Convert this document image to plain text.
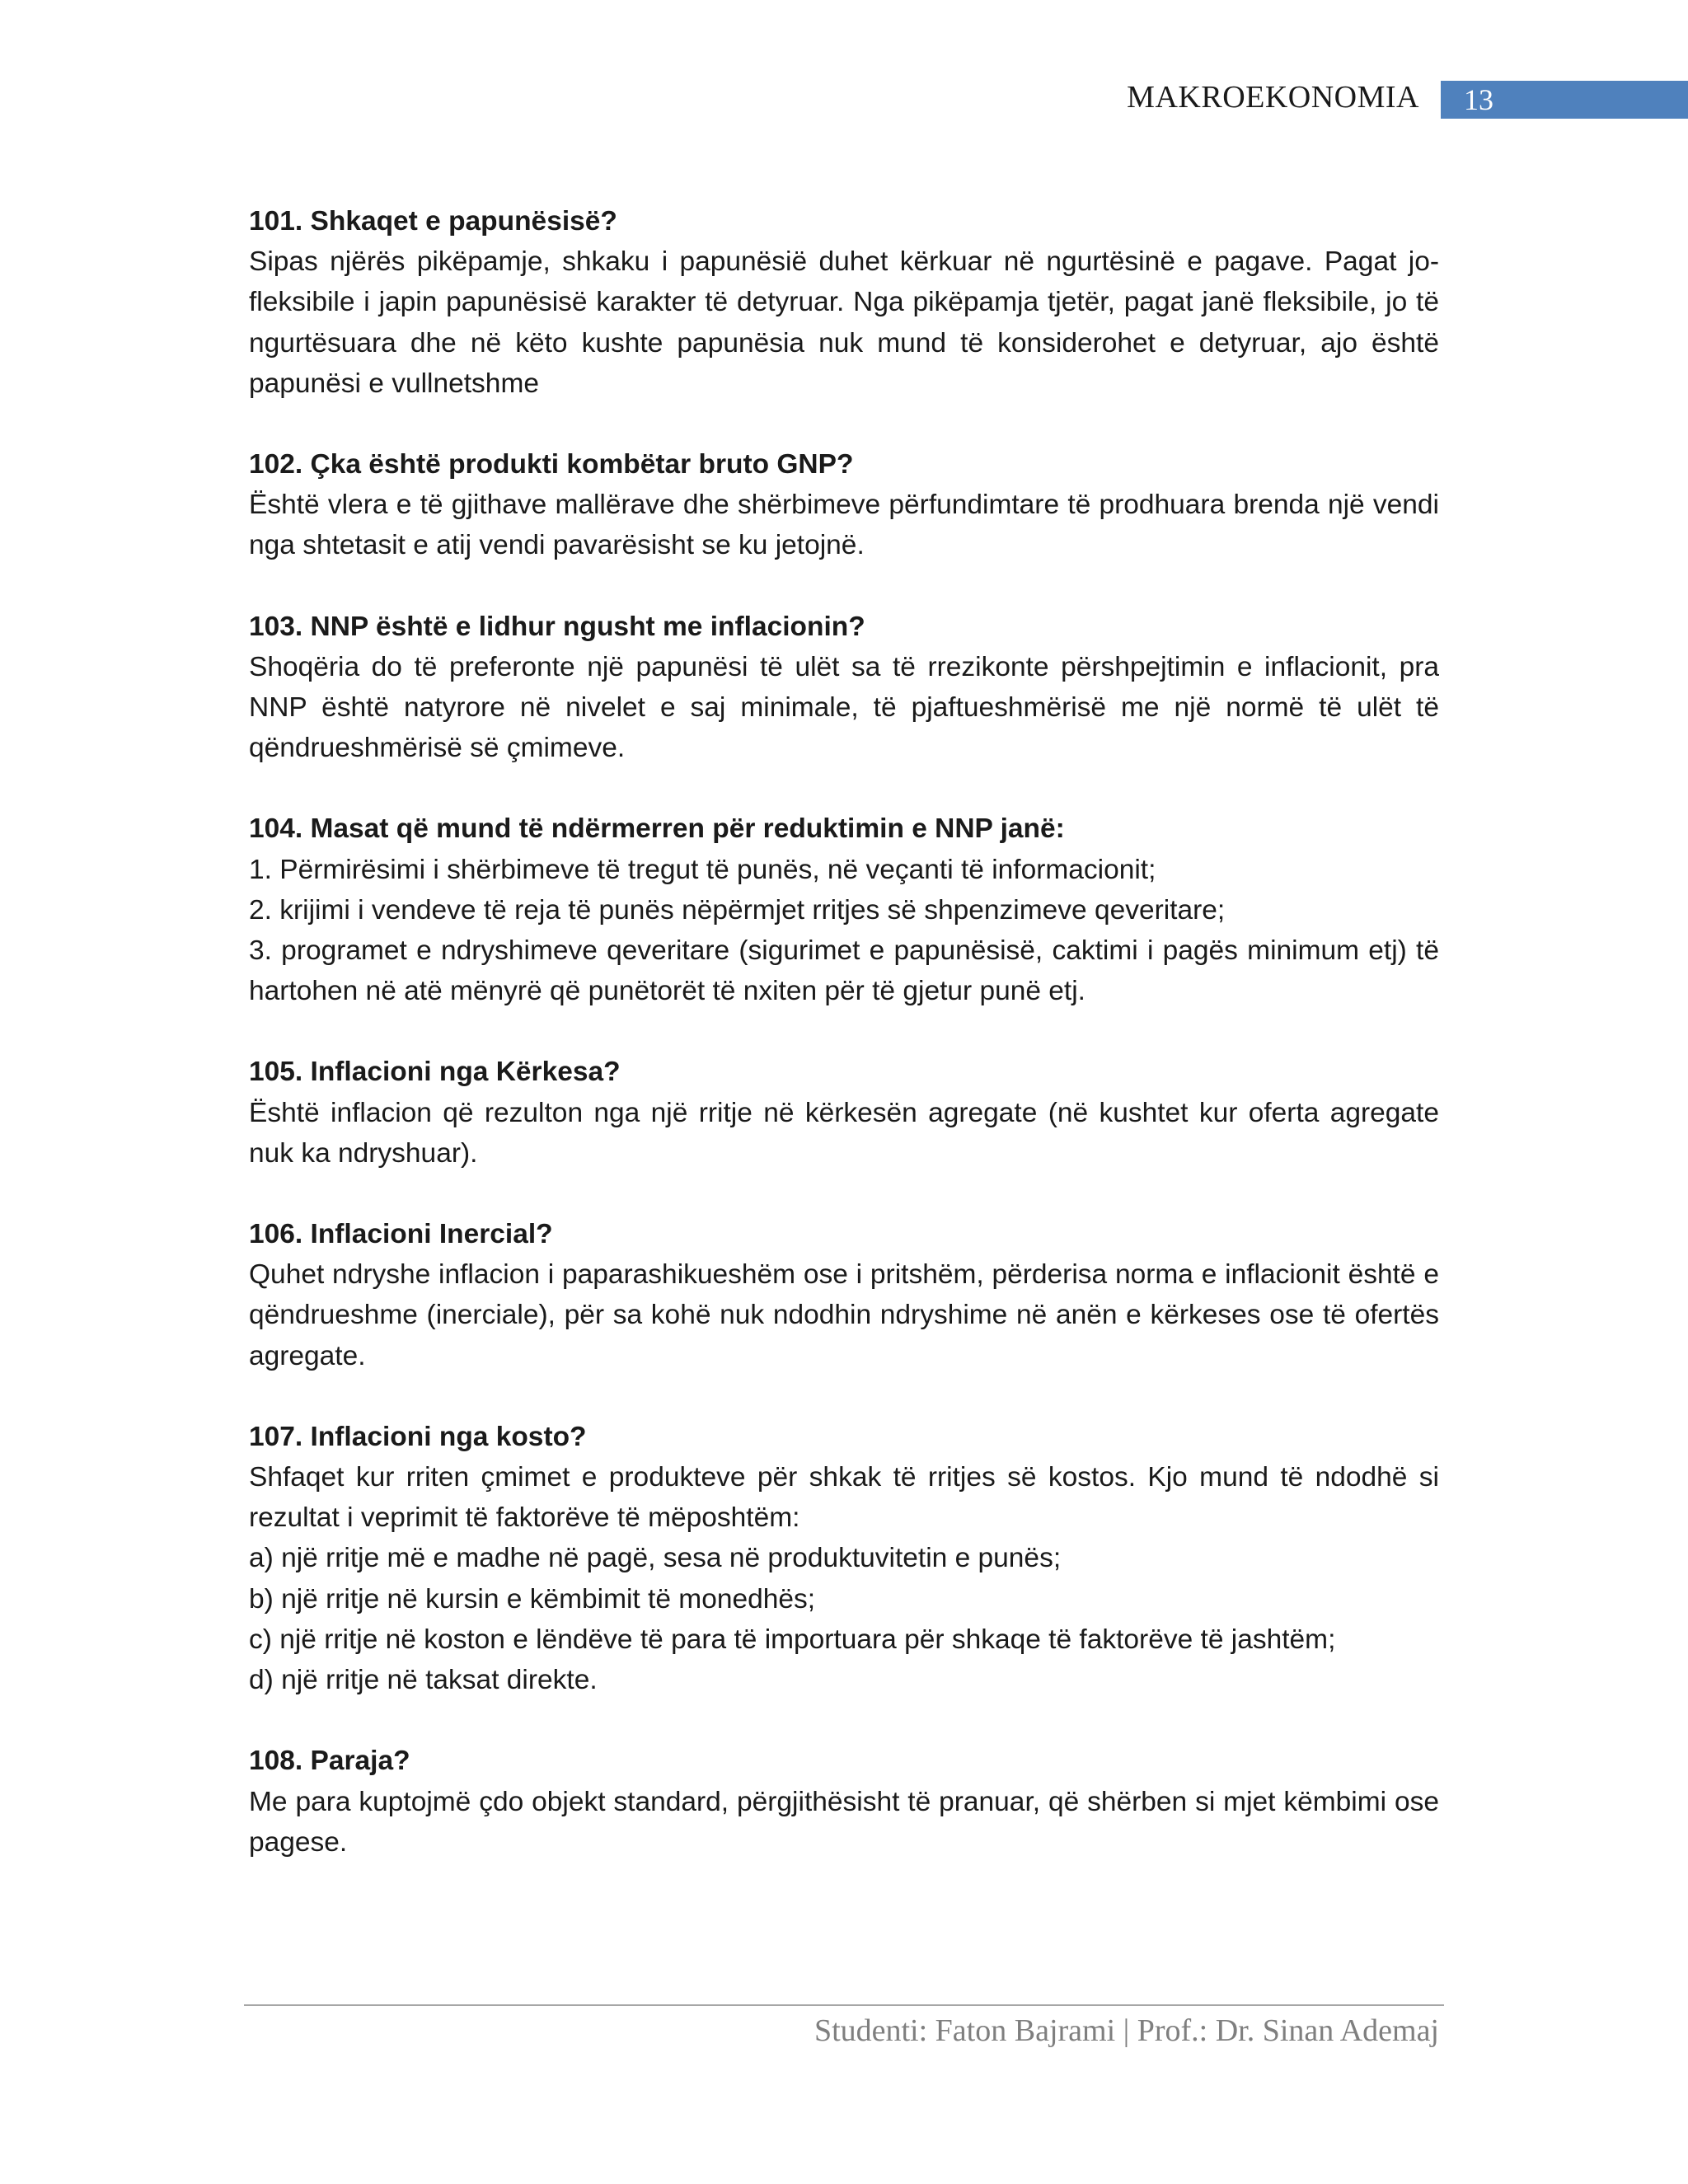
MAKROEKONOMIA 13
101. Shkaqet e papunësisë?
Sipas njërës pikëpamje, shkaku i papunësië duhet kërkuar në ngurtësinë e pagave. Pagat jo-fleksibile i japin papunësisë karakter të detyruar. Nga pikëpamja tjetër, pagat janë fleksibile, jo të ngurtësuara dhe në këto kushte papunësia nuk mund të konsiderohet e detyruar, ajo është papunësi e vullnetshme
102. Çka është produkti kombëtar bruto GNP?
Është vlera e të gjithave mallërave dhe shërbimeve përfundimtare të prodhuara brenda një vendi nga shtetasit e atij vendi pavarësisht se ku jetojnë.
103. NNP është e lidhur ngusht me inflacionin?
Shoqëria do të preferonte një papunësi të ulët sa të rrezikonte përshpejtimin e inflacionit, pra NNP është natyrore në nivelet e saj minimale, të pjaftueshmërisë me një normë të ulët të qëndrueshmërisë së çmimeve.
104. Masat që mund të ndërmerren për reduktimin e NNP janë:
1. Përmirësimi i shërbimeve të tregut të punës, në veçanti të informacionit;
2. krijimi i vendeve të reja të punës nëpërmjet rritjes së shpenzimeve qeveritare;
3. programet e ndryshimeve qeveritare (sigurimet e papunësisë, caktimi i pagës minimum etj) të hartohen në atë mënyrë që punëtorët të nxiten për të gjetur punë etj.
105. Inflacioni nga Kërkesa?
Është inflacion që rezulton nga një rritje në kërkesën agregate (në kushtet kur oferta agregate nuk ka ndryshuar).
106. Inflacioni Inercial?
Quhet ndryshe inflacion i paparashikueshëm ose i pritshëm, përderisa norma e inflacionit është e qëndrueshme (inerciale), për sa kohë nuk ndodhin ndryshime në anën e kërkeses ose të ofertës agregate.
107. Inflacioni nga kosto?
Shfaqet kur rriten çmimet e produkteve për shkak të rritjes së kostos. Kjo mund të ndodhë si rezultat i veprimit të faktorëve të mëposhtëm:
a) një rritje më e madhe në pagë, sesa në produktuvitetin e punës;
b) një rritje në kursin e këmbimit të monedhës;
c) një rritje në koston e lëndëve të para të importuara për shkaqe të faktorëve të jashtëm;
d) një rritje në taksat direkte.
108. Paraja?
Me para kuptojmë çdo objekt standard, përgjithësisht të pranuar, që shërben si mjet këmbimi ose pagese.
Studenti: Faton Bajrami | Prof.: Dr. Sinan Ademaj
